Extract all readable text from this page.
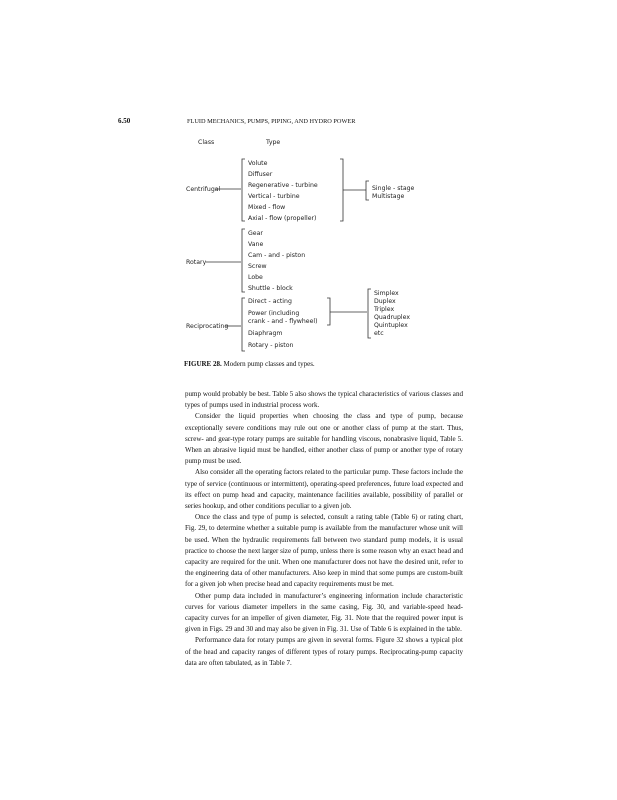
6.50	FLUID MECHANICS, PUMPS, PIPING, AND HYDRO POWER
Class	Type
Centrifugal
Rotary
Reciprocating
Volute
Diffuser
Regenerative - turbine
Vertical - turbine
Mixed - flow
Axial - flow (propeller)
Single - stage
Multistage
Gear
Vane
Cam - and - piston
Screw
Lobe
Shuttle - block
Direct - acting
Power (including
crank - and - flywheel)
Diaphragm
Rotary - piston
Simplex
Duplex
Triplex
Quadruplex
Quintuplex
etc
FIGURE 28. Modern pump classes and types.

pump would probably be best. Table 5 also shows the typical characteristics of various classes and types of pumps used in industrial process work.

Consider the liquid properties when choosing the class and type of pump, because exceptionally severe conditions may rule out one or another class of pump at the start. Thus, screw- and gear-type rotary pumps are suitable for handling viscous, nonabrasive liquid, Table 5. When an abrasive liquid must be handled, either another class of pump or another type of rotary pump must be used.

Also consider all the operating factors related to the particular pump. These factors include the type of service (continuous or intermittent), operating-speed preferences, future load expected and its effect on pump head and capacity, maintenance facilities available, possibility of parallel or series hookup, and other conditions peculiar to a given job.

Once the class and type of pump is selected, consult a rating table (Table 6) or rating chart, Fig. 29, to determine whether a suitable pump is available from the manufacturer whose unit will be used. When the hydraulic requirements fall between two standard pump models, it is usual practice to choose the next larger size of pump, unless there is some reason why an exact head and capacity are required for the unit. When one manufacturer does not have the desired unit, refer to the engineering data of other manufacturers. Also keep in mind that some pumps are custom-built for a given job when precise head and capacity requirements must be met.

Other pump data included in manufacturer’s engineering information include characteristic curves for various diameter impellers in the same casing, Fig. 30, and variable-speed head-capacity curves for an impeller of given diameter, Fig. 31. Note that the required power input is given in Figs. 29 and 30 and may also be given in Fig. 31. Use of Table 6 is explained in the table.

Performance data for rotary pumps are given in several forms. Figure 32 shows a typical plot of the head and capacity ranges of different types of rotary pumps. Reciprocating-pump capacity data are often tabulated, as in Table 7.
